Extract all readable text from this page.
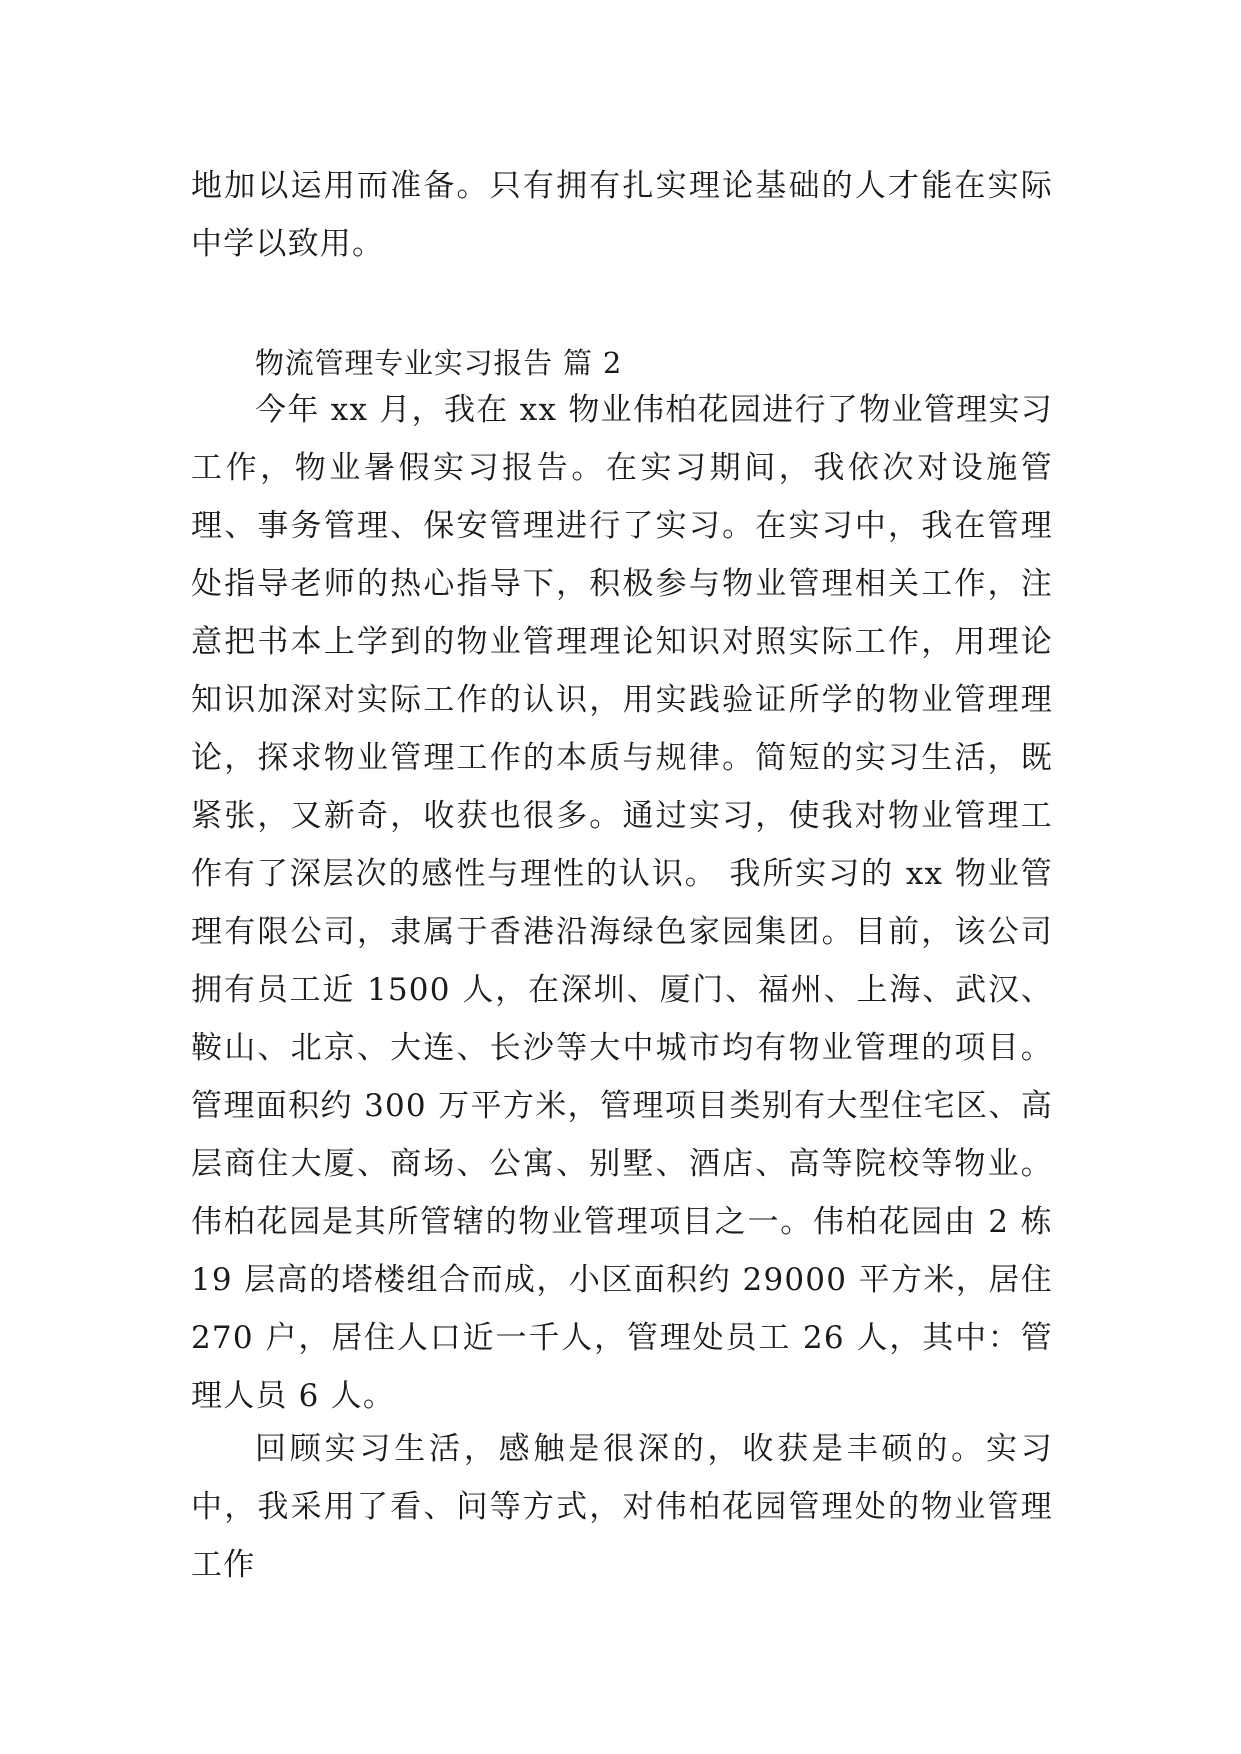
地加以运用而准备。只有拥有扎实理论基础的人才能在实际中学以致用。

物流管理专业实习报告 篇 2

今年 xx 月，我在 xx 物业伟柏花园进行了物业管理实习工作，物业暑假实习报告。在实习期间，我依次对设施管理、事务管理、保安管理进行了实习。在实习中，我在管理处指导老师的热心指导下，积极参与物业管理相关工作，注意把书本上学到的物业管理理论知识对照实际工作，用理论知识加深对实际工作的认识，用实践验证所学的物业管理理论，探求物业管理工作的本质与规律。简短的实习生活，既紧张，又新奇，收获也很多。通过实习，使我对物业管理工作有了深层次的感性与理性的认识。 我所实习的 xx 物业管理有限公司，隶属于香港沿海绿色家园集团。目前，该公司拥有员工近 1500 人，在深圳、厦门、福州、上海、武汉、鞍山、北京、大连、长沙等大中城市均有物业管理的项目。管理面积约 300 万平方米，管理项目类别有大型住宅区、高层商住大厦、商场、公寓、别墅、酒店、高等院校等物业。伟柏花园是其所管辖的物业管理项目之一。伟柏花园由 2 栋 19 层高的塔楼组合而成，小区面积约 29000 平方米，居住 270 户，居住人口近一千人，管理处员工 26 人，其中：管理人员 6 人。

回顾实习生活，感触是很深的，收获是丰硕的。实习中，我采用了看、问等方式，对伟柏花园管理处的物业管理工作
